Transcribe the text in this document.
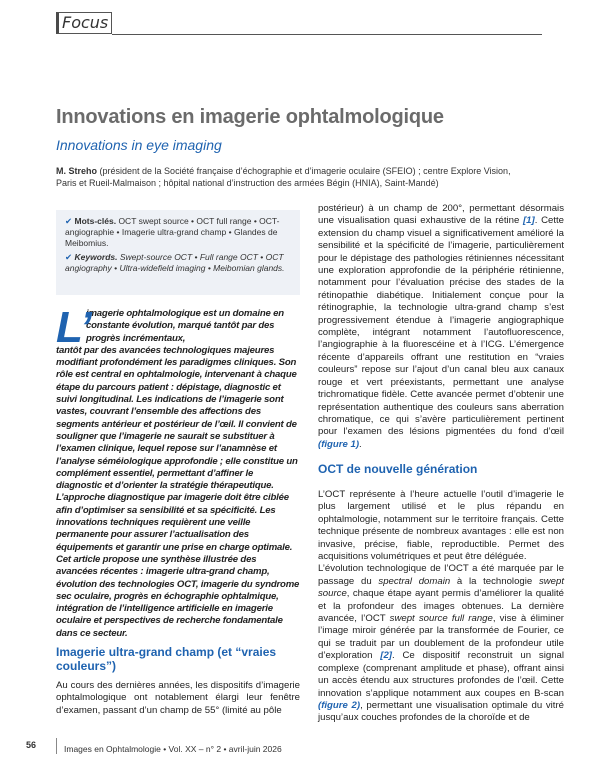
Focus
Innovations en imagerie ophtalmologique
Innovations in eye imaging
M. Streho (président de la Société française d’échographie et d’imagerie oculaire (SFEIO) ; centre Explore Vision, Paris et Rueil-Malmaison ; hôpital national d’instruction des armées Bégin (HNIA), Saint-Mandé)

✔ Mots-clés. OCT swept source • OCT full range • OCT-angiographie • Imagerie ultra-grand champ • Glandes de Meibomius.

✔ Keywords. Swept-source OCT • Full range OCT • OCT angiography • Ultra-widefield imaging • Meibomian glands.

L’
imagerie ophtalmologique est un domaine en constante évolution, marqué tantôt par des progrès incrémentaux,
tantôt par des avancées technologiques majeures modifiant profondément les paradigmes cliniques. Son rôle est central en ophtalmologie, intervenant à chaque étape du parcours patient : dépistage, diagnostic et suivi longitudinal. Les indications de l’imagerie sont vastes, couvrant l’ensemble des affections des segments antérieur et postérieur de l’œil. Il convient de souligner que l’imagerie ne saurait se substituer à l’examen clinique, lequel repose sur l’anamnèse et l’analyse séméiologique approfondie ; elle constitue un complément essentiel, permettant d’affiner le diagnostic et d’orienter la stratégie thérapeutique. L’approche diagnostique par imagerie doit être ciblée afin d’optimiser sa sensibilité et sa spécificité. Les innovations techniques requièrent une veille permanente pour assurer l’actualisation des équipements et garantir une prise en charge optimale. Cet article propose une synthèse illustrée des avancées récentes : imagerie ultra-grand champ, évolution des technologies OCT, imagerie du syndrome sec oculaire, progrès en échographie ophtalmique, intégration de l’intelligence artificielle en imagerie oculaire et perspectives de recherche fondamentale dans ce secteur.
Imagerie ultra-grand champ (et “vraies couleurs”)
Au cours des dernières années, les dispositifs d’imagerie ophtalmologique ont notablement élargi leur fenêtre d’examen, passant d’un champ de 55° (limité au pôle
postérieur) à un champ de 200°, permettant désormais une visualisation quasi exhaustive de la rétine [1]. Cette extension du champ visuel a significativement amélioré la sensibilité et la spécificité de l’imagerie, particulièrement pour le dépistage des pathologies rétiniennes nécessitant une exploration approfondie de la périphérie rétinienne, notamment pour l’évaluation précise des stades de la rétinopathie diabétique. Initialement conçue pour la rétinographie, la technologie ultra-grand champ s’est progressivement étendue à l’imagerie angiographique complète, intégrant notamment l’autofluorescence, l’angiographie à la fluorescéine et à l’ICG. L’émergence récente d’appareils offrant une restitution en “vraies couleurs” repose sur l’ajout d’un canal bleu aux canaux rouge et vert préexistants, permettant une analyse trichromatique fidèle. Cette avancée permet d’obtenir une représentation authentique des couleurs sans aberration chromatique, ce qui s’avère particulièrement pertinent pour l’examen des lésions pigmentées du fond d’œil (figure 1).
OCT de nouvelle génération

L’OCT représente à l’heure actuelle l’outil d’imagerie le plus largement utilisé et le plus répandu en ophtalmologie, notamment sur le territoire français. Cette technique présente de nombreux avantages : elle est non invasive, précise, fiable, reproductible. Permet des acquisitions volumétriques et peut être déléguée.

L’évolution technologique de l’OCT a été marquée par le passage du spectral domain à la technologie swept source, chaque étape ayant permis d’améliorer la qualité et la profondeur des images obtenues. La dernière avancée, l’OCT swept source full range, vise à éliminer l’image miroir générée par la transformée de Fourier, ce qui se traduit par un doublement de la profondeur utile d’exploration [2]. Ce dispositif reconstruit un signal complexe (comprenant amplitude et phase), offrant ainsi un accès étendu aux structures profondes de l’œil. Cette innovation s’applique notamment aux coupes en B-scan (figure 2), permettant une visualisation optimale du vitré jusqu’aux couches profondes de la choroïde et de

56	Images en Ophtalmologie • Vol. XX – n° 2 • avril-juin 2026
